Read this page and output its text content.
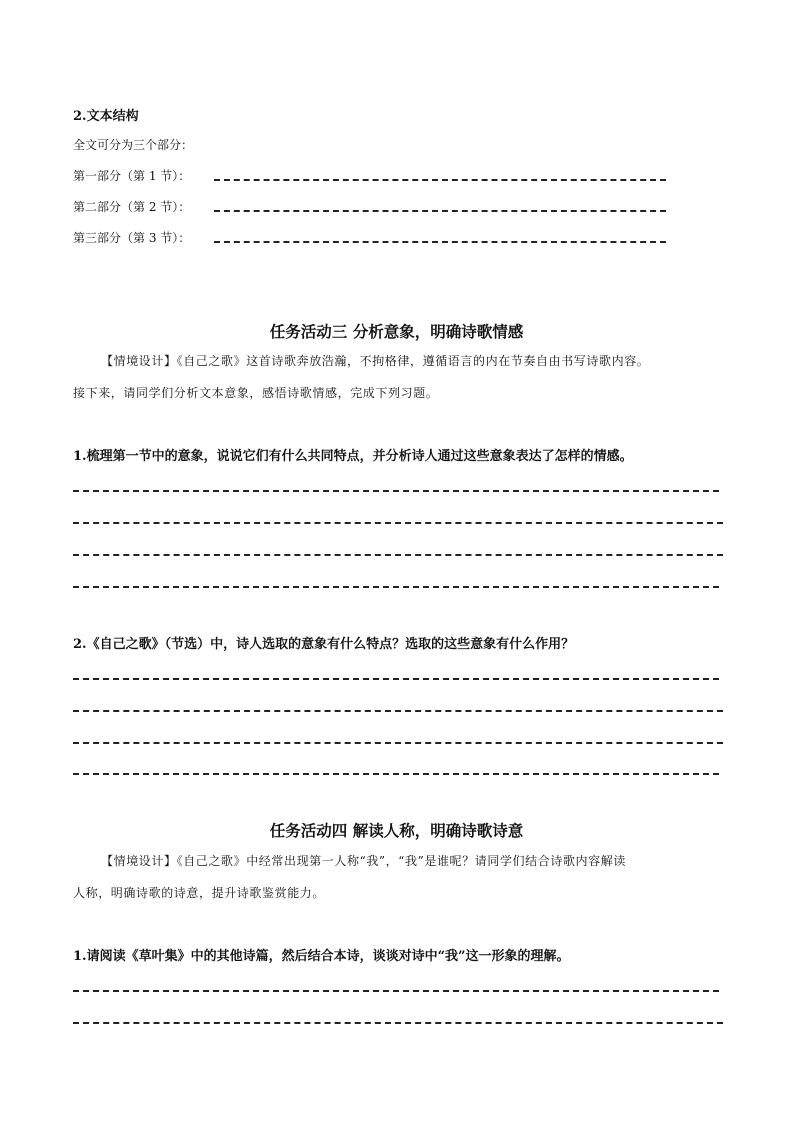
2.文本结构
全文可分为三个部分：
第一部分（第 1 节）：
第二部分（第 2 节）：
第三部分（第 3 节）：
任务活动三 分析意象，明确诗歌情感
【情境设计】《自己之歌》这首诗歌奔放浩瀚，不拘格律，遵循语言的内在节奏自由书写诗歌内容。
接下来，请同学们分析文本意象，感悟诗歌情感，完成下列习题。
1.梳理第一节中的意象，说说它们有什么共同特点，并分析诗人通过这些意象表达了怎样的情感。
2.《自己之歌》（节选）中，诗人选取的意象有什么特点？选取的这些意象有什么作用？
任务活动四 解读人称，明确诗歌诗意
【情境设计】《自己之歌》中经常出现第一人称“我”，“我”是谁呢？请同学们结合诗歌内容解读
人称，明确诗歌的诗意，提升诗歌鉴赏能力。
1.请阅读《草叶集》中的其他诗篇，然后结合本诗，谈谈对诗中“我”这一形象的理解。
